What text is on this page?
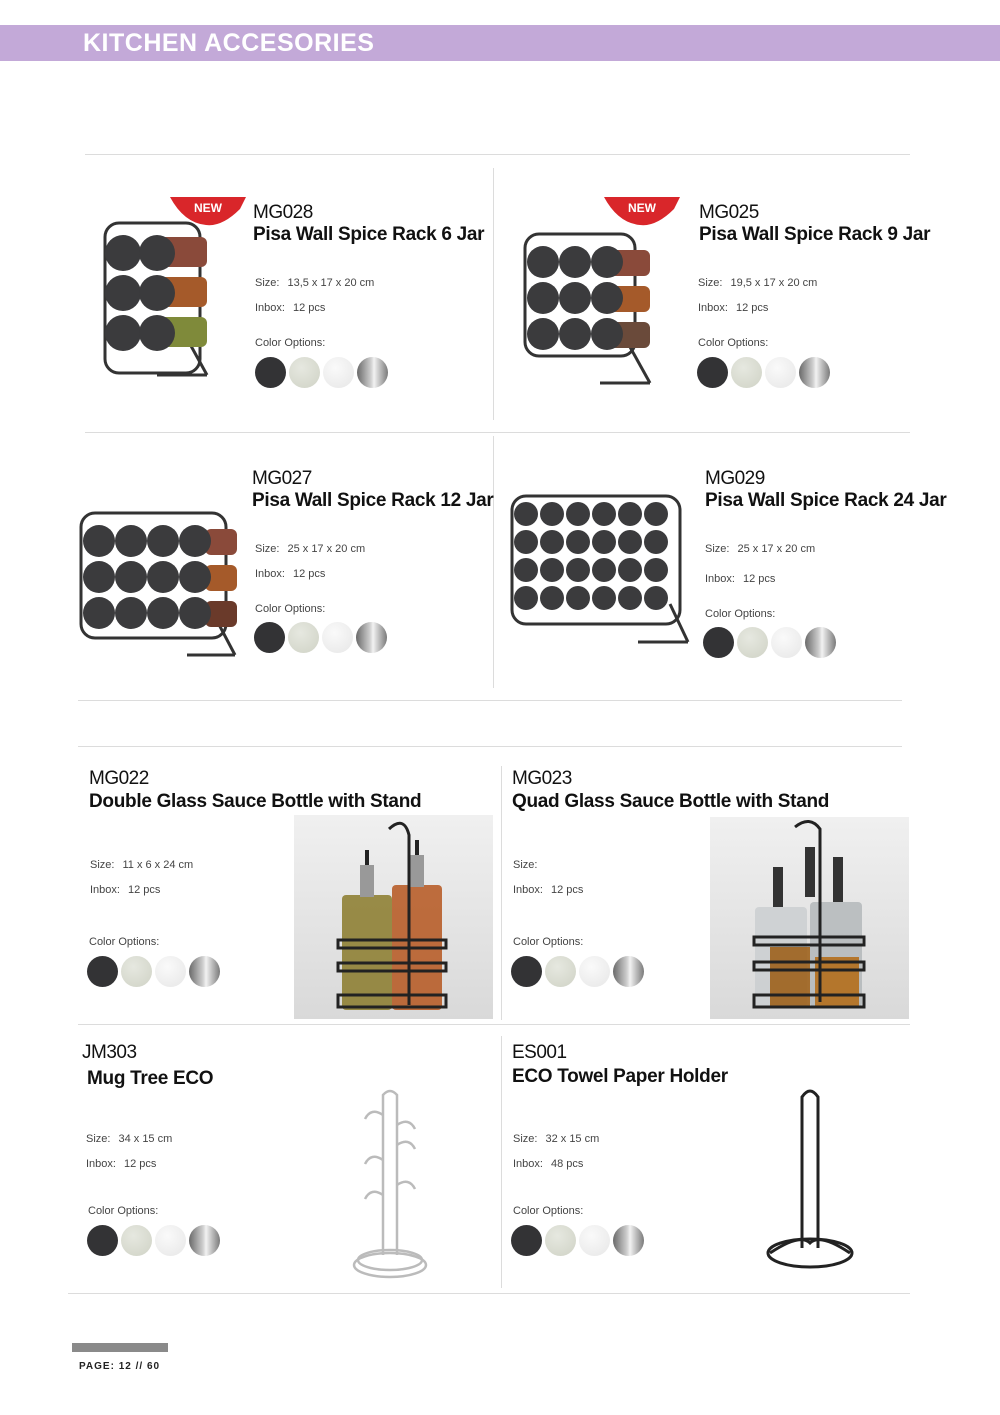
KITCHEN ACCESORIES
NEW	MG028
Pisa Wall Spice Rack 6 Jar
Size: 13,5 x 17 x 20 cm
Inbox: 12 pcs
Color Options:
NEW	MG025
Pisa Wall Spice Rack 9 Jar
Size: 19,5 x 17 x 20 cm
Inbox: 12 pcs
Color Options:
MG027
Pisa Wall Spice Rack 12 Jar
Size: 25 x 17 x 20 cm
Inbox: 12 pcs
Color Options:
MG029
Pisa Wall Spice Rack 24 Jar
Size: 25 x 17 x 20 cm
Inbox: 12 pcs
Color Options:
MG022
Double Glass Sauce Bottle with Stand
Size: 11 x 6 x 24 cm
Inbox: 12 pcs
Color Options:
MG023
Quad Glass Sauce Bottle with Stand
Size:
Inbox: 12 pcs
Color Options:
JM303
Mug Tree ECO
Size: 34 x 15 cm
Inbox: 12 pcs
Color Options:
ES001
ECO Towel Paper Holder
Size: 32 x 15 cm
Inbox: 48 pcs
Color Options:
PAGE: 12 // 60
